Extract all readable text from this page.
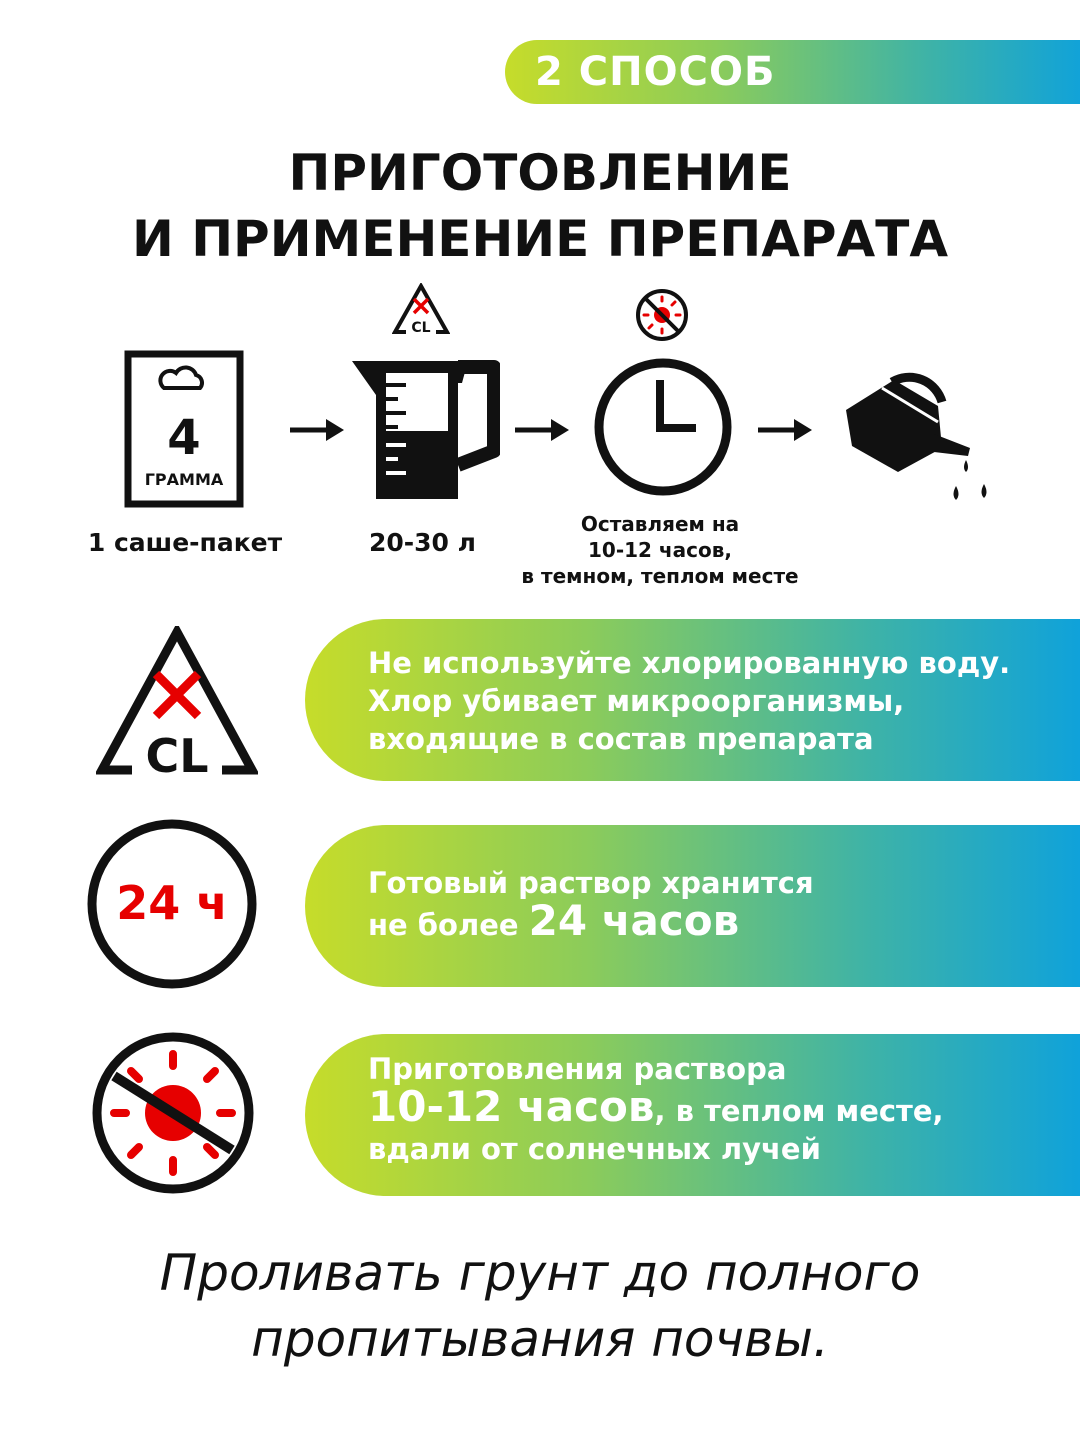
2 СПОСОБ
ПРИГОТОВЛЕНИЕ
И ПРИМЕНЕНИЕ ПРЕПАРАТА
4
ГРАММА
1 саше-пакет
CL
20-30 л
Оставляем на
10-12 часов,
в темном, теплом месте
CL
Не используйте хлорированную воду.
Хлор убивает микроорганизмы,
входящие в состав препарата
24 ч	Готовый раствор хранится
не более 24 часов
Приготовления раствора
10-12 часов, в теплом месте,
вдали от солнечных лучей
Проливать грунт до полного
пропитывания почвы.
